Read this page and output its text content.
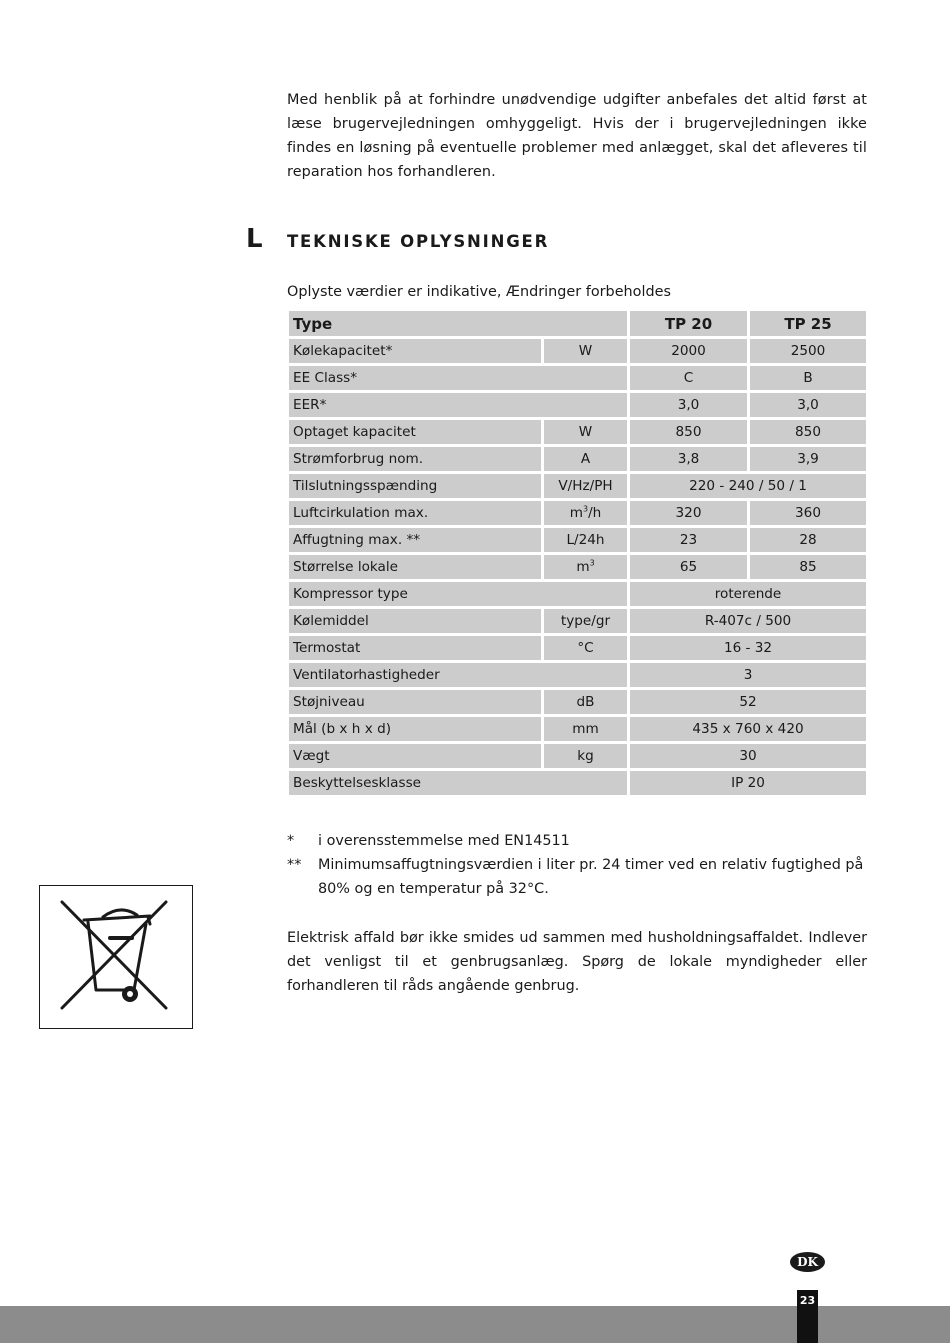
Med henblik på at forhindre unødvendige udgifter anbefales det altid først at læse brugervejledningen omhyggeligt. Hvis der i brugervejledningen ikke findes en løsning på eventuelle problemer med anlægget, skal det afleveres til reparation hos forhandleren.

L TEKNISKE OPLYSNINGER
Oplyste værdier er indikative, Ændringer forbeholdes
Type		TP 20	TP 25
Kølekapacitet*	W	2000	2500
EE Class*		C	B
EER*		3,0	3,0
Optaget kapacitet	W	850	850
Strømforbrug nom.	A	3,8	3,9
Tilslutningsspænding	V/Hz/PH	220 - 240 / 50 / 1	
Luftcirkulation max.	$m^3/h$	320	360
Affugtning max. **	L/24h	23	28
Størrelse lokale	$m^3$	65	85
Kompressor type		roterende	
Kølemiddel	type/gr	R-407c / 500	
Termostat	°C	16 - 32	
Ventilatorhastigheder		3	
Støjniveau	dB	52	
Mål (b x h x d)	mm	435 x 760 x 420	
Vægt	kg	30	
Beskyttelsesklasse		IP 20	
* i overensstemmelse med EN14511
** Minimumsaffugtningsværdien i liter pr. 24 timer ved en relativ fugtighed på 80% og en temperatur på 32°C.

Elektrisk affald bør ikke smides ud sammen med husholdningsaffaldet. Indlever det venligst til et genbrugsanlæg. Spørg de lokale myndigheder eller forhandleren til råds angående genbrug.

DK
23
